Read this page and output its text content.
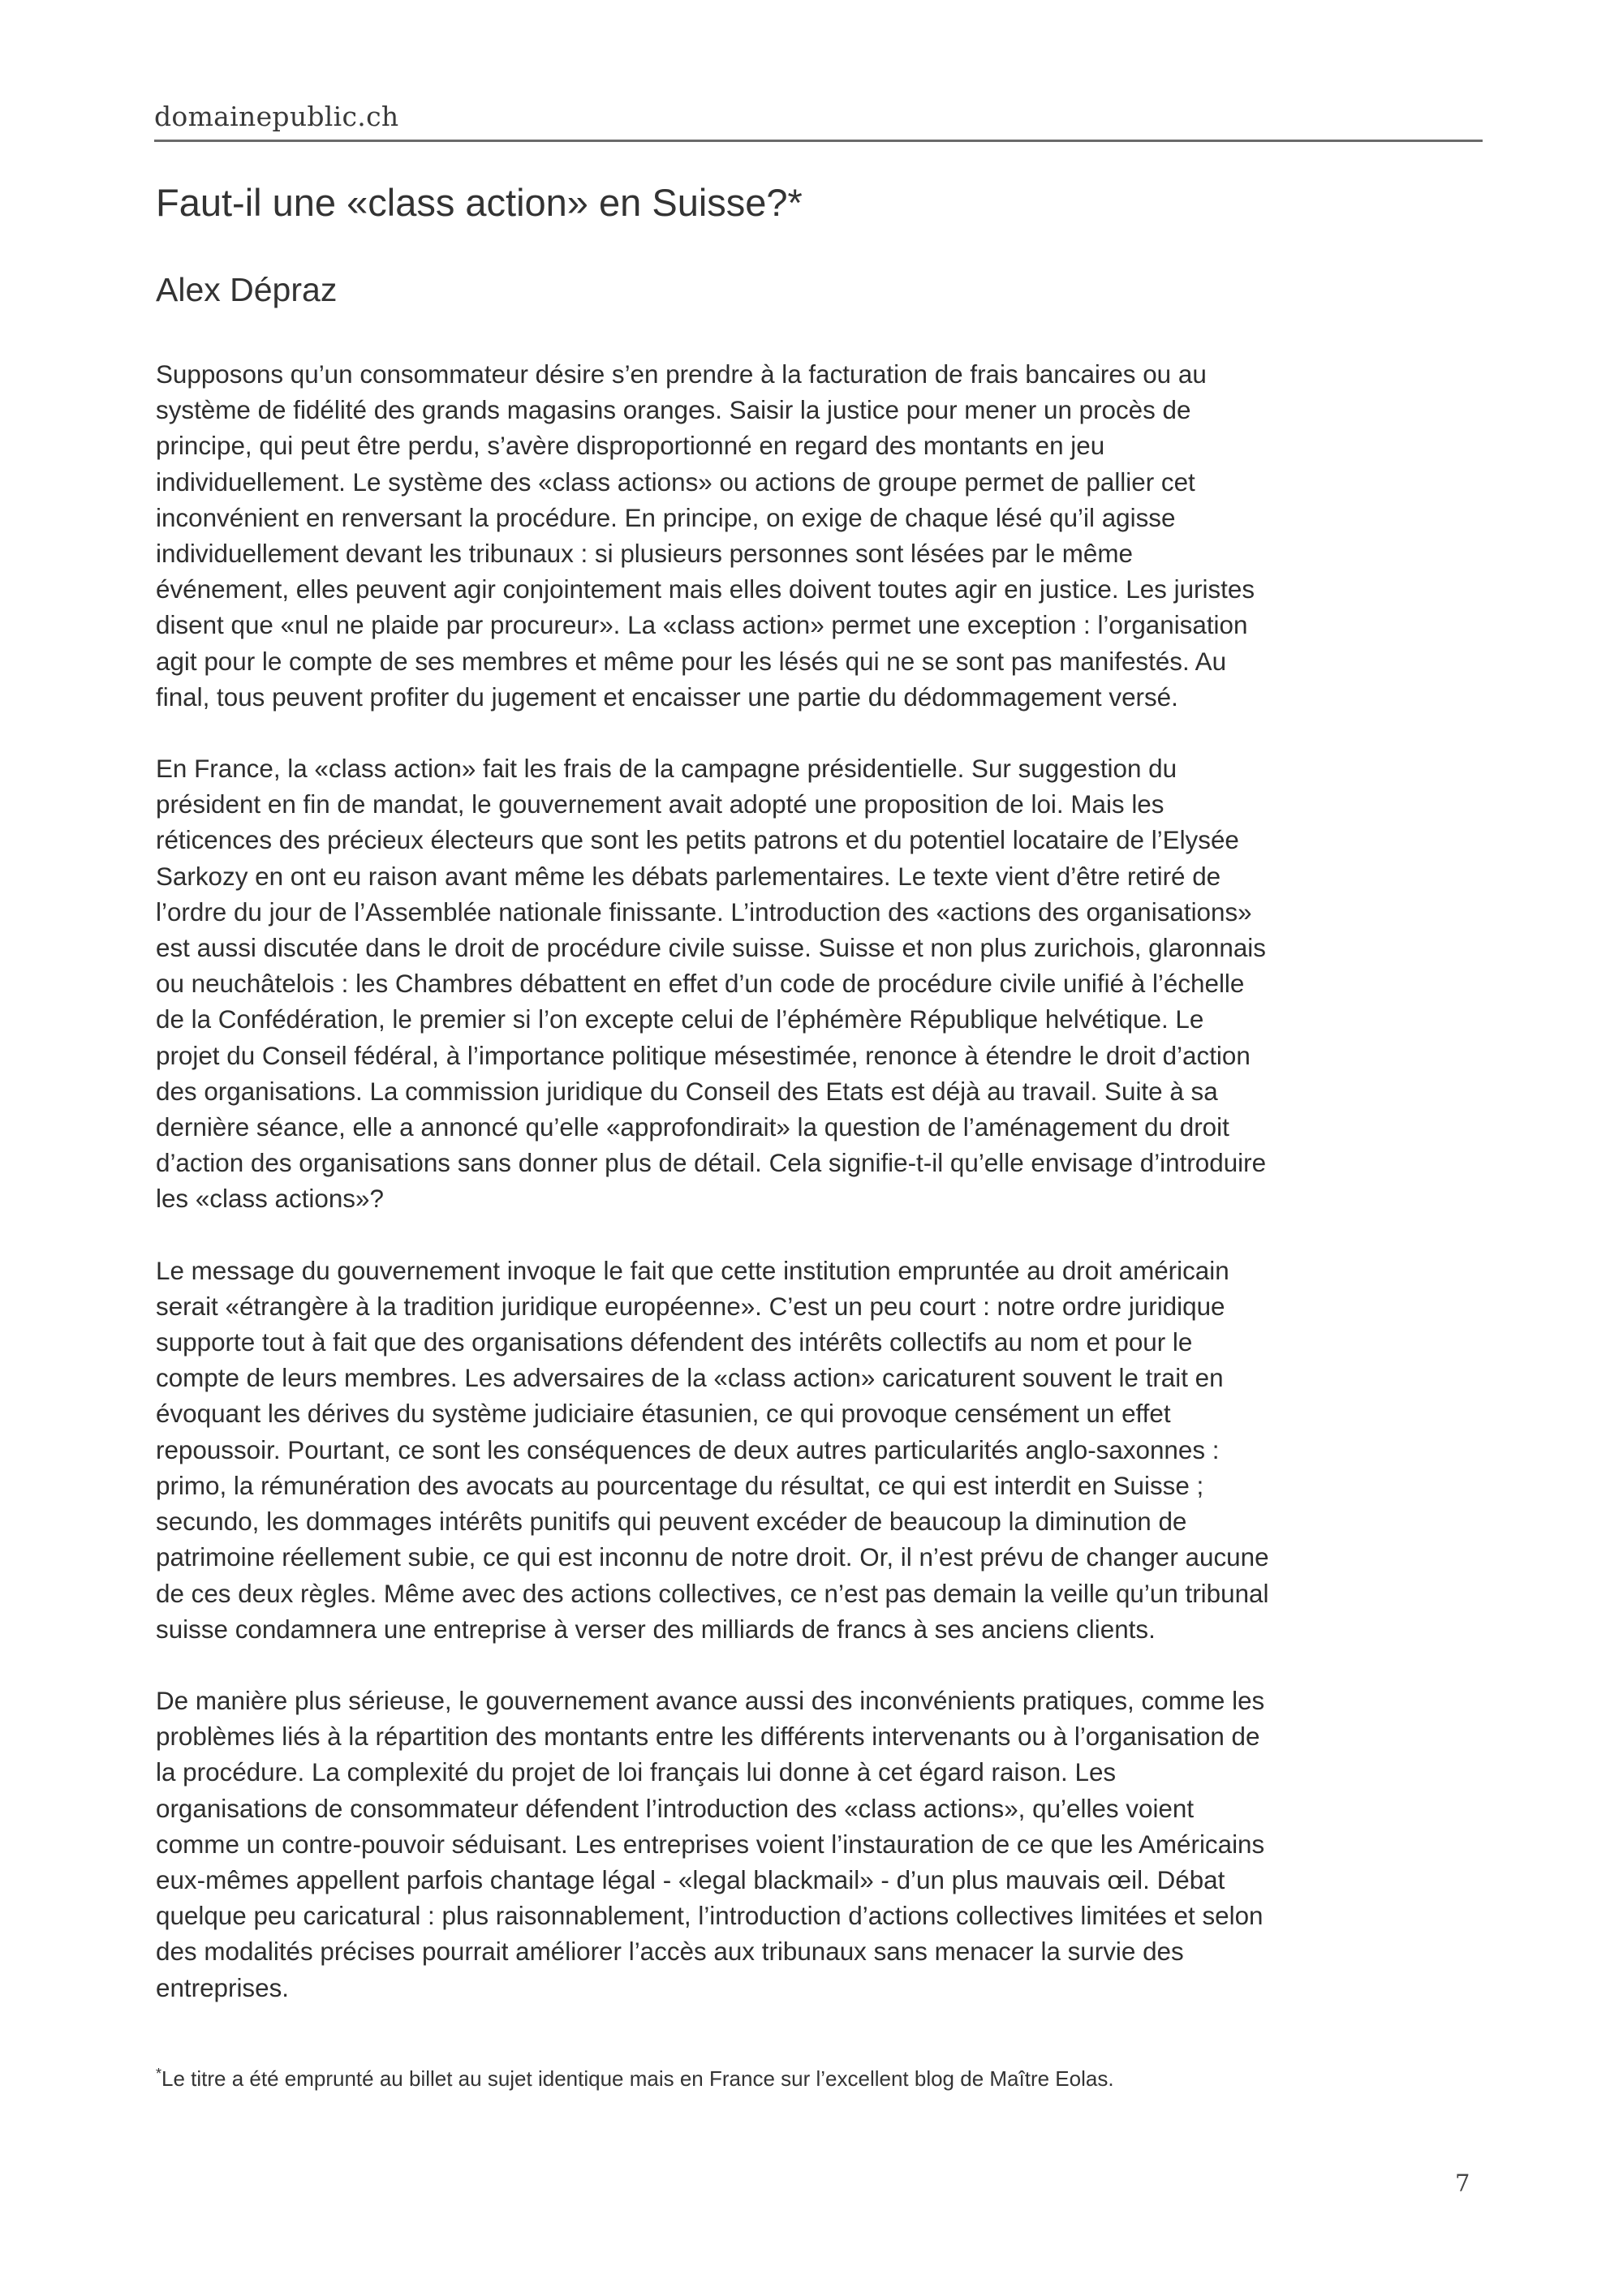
domainepublic.ch
Faut-il une «class action» en Suisse?*
Alex Dépraz
Supposons qu’un consommateur désire s’en prendre à la facturation de frais bancaires ou au
système de fidélité des grands magasins oranges. Saisir la justice pour mener un procès de
principe, qui peut être perdu, s’avère disproportionné en regard des montants en jeu
individuellement. Le système des «class actions» ou actions de groupe permet de pallier cet
inconvénient en renversant la procédure. En principe, on exige de chaque lésé qu’il agisse
individuellement devant les tribunaux : si plusieurs personnes sont lésées par le même
événement, elles peuvent agir conjointement mais elles doivent toutes agir en justice. Les juristes
disent que «nul ne plaide par procureur». La «class action» permet une exception : l’organisation
agit pour le compte de ses membres et même pour les lésés qui ne se sont pas manifestés. Au
final, tous peuvent profiter du jugement et encaisser une partie du dédommagement versé.
En France, la «class action» fait les frais de la campagne présidentielle. Sur suggestion du
président en fin de mandat, le gouvernement avait adopté une proposition de loi. Mais les
réticences des précieux électeurs que sont les petits patrons et du potentiel locataire de l’Elysée
Sarkozy en ont eu raison avant même les débats parlementaires. Le texte vient d’être retiré de
l’ordre du jour de l’Assemblée nationale finissante. L’introduction des «actions des organisations»
est aussi discutée dans le droit de procédure civile suisse. Suisse et non plus zurichois, glaronnais
ou neuchâtelois : les Chambres débattent en effet d’un code de procédure civile unifié à l’échelle
de la Confédération, le premier si l’on excepte celui de l’éphémère République helvétique. Le
projet du Conseil fédéral, à l’importance politique mésestimée, renonce à étendre le droit d’action
des organisations. La commission juridique du Conseil des Etats est déjà au travail. Suite à sa
dernière séance, elle a annoncé qu’elle «approfondirait» la question de l’aménagement du droit
d’action des organisations sans donner plus de détail. Cela signifie-t-il qu’elle envisage d’introduire
les «class actions»?
Le message du gouvernement invoque le fait que cette institution empruntée au droit américain
serait «étrangère à la tradition juridique européenne». C’est un peu court : notre ordre juridique
supporte tout à fait que des organisations défendent des intérêts collectifs au nom et pour le
compte de leurs membres. Les adversaires de la «class action» caricaturent souvent le trait en
évoquant les dérives du système judiciaire étasunien, ce qui provoque censément un effet
repoussoir. Pourtant, ce sont les conséquences de deux autres particularités anglo-saxonnes :
primo, la rémunération des avocats au pourcentage du résultat, ce qui est interdit en Suisse ;
secundo, les dommages intérêts punitifs qui peuvent excéder de beaucoup la diminution de
patrimoine réellement subie, ce qui est inconnu de notre droit. Or, il n’est prévu de changer aucune
de ces deux règles. Même avec des actions collectives, ce n’est pas demain la veille qu’un tribunal
suisse condamnera une entreprise à verser des milliards de francs à ses anciens clients.
De manière plus sérieuse, le gouvernement avance aussi des inconvénients pratiques, comme les
problèmes liés à la répartition des montants entre les différents intervenants ou à l’organisation de
la procédure. La complexité du projet de loi français lui donne à cet égard raison. Les
organisations de consommateur défendent l’introduction des «class actions», qu’elles voient
comme un contre-pouvoir séduisant. Les entreprises voient l’instauration de ce que les Américains
eux-mêmes appellent parfois chantage légal - «legal blackmail» - d’un plus mauvais œil. Débat
quelque peu caricatural : plus raisonnablement, l’introduction d’actions collectives limitées et selon
des modalités précises pourrait améliorer l’accès aux tribunaux sans menacer la survie des
entreprises.
*Le titre a été emprunté au billet au sujet identique mais en France sur l’excellent blog de Maître Eolas.
7
